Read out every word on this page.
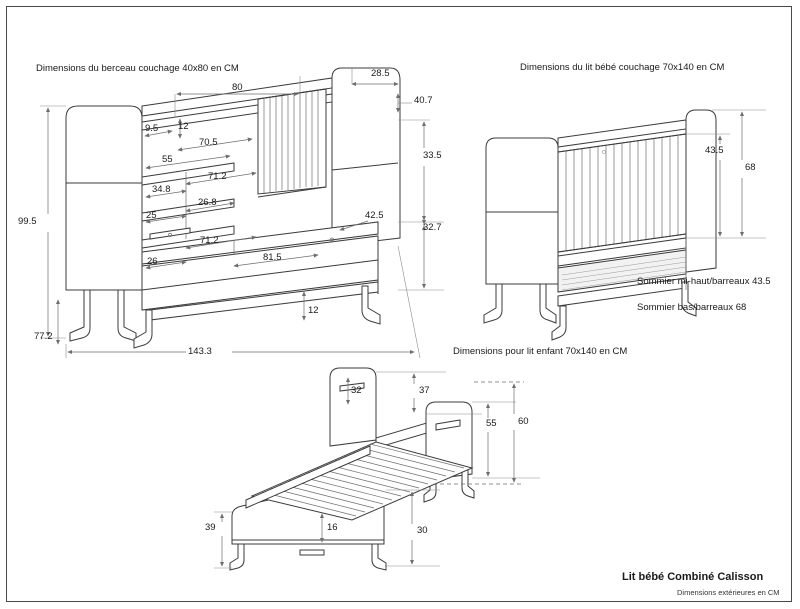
Dimensions du berceau couchage 40x80 en CM	Dimensions du lit bébé couchage 70x140 en CM
Dimensions pour lit enfant 70x140 en CM
28.5
40.7
80
9.5 12
70.5
55	33.5
71.2
34.8
26.8
25	42.5
32.7
71.2
81.5
26
99.5
12
77.2
143.3
43.5
68
Sommier mi-haut/barreaux 43.5
Sommier bas/barreaux 68
32	37
55 60
39	16	30
Lit bébé Combiné Calisson
Dimensions extérieures en CM
